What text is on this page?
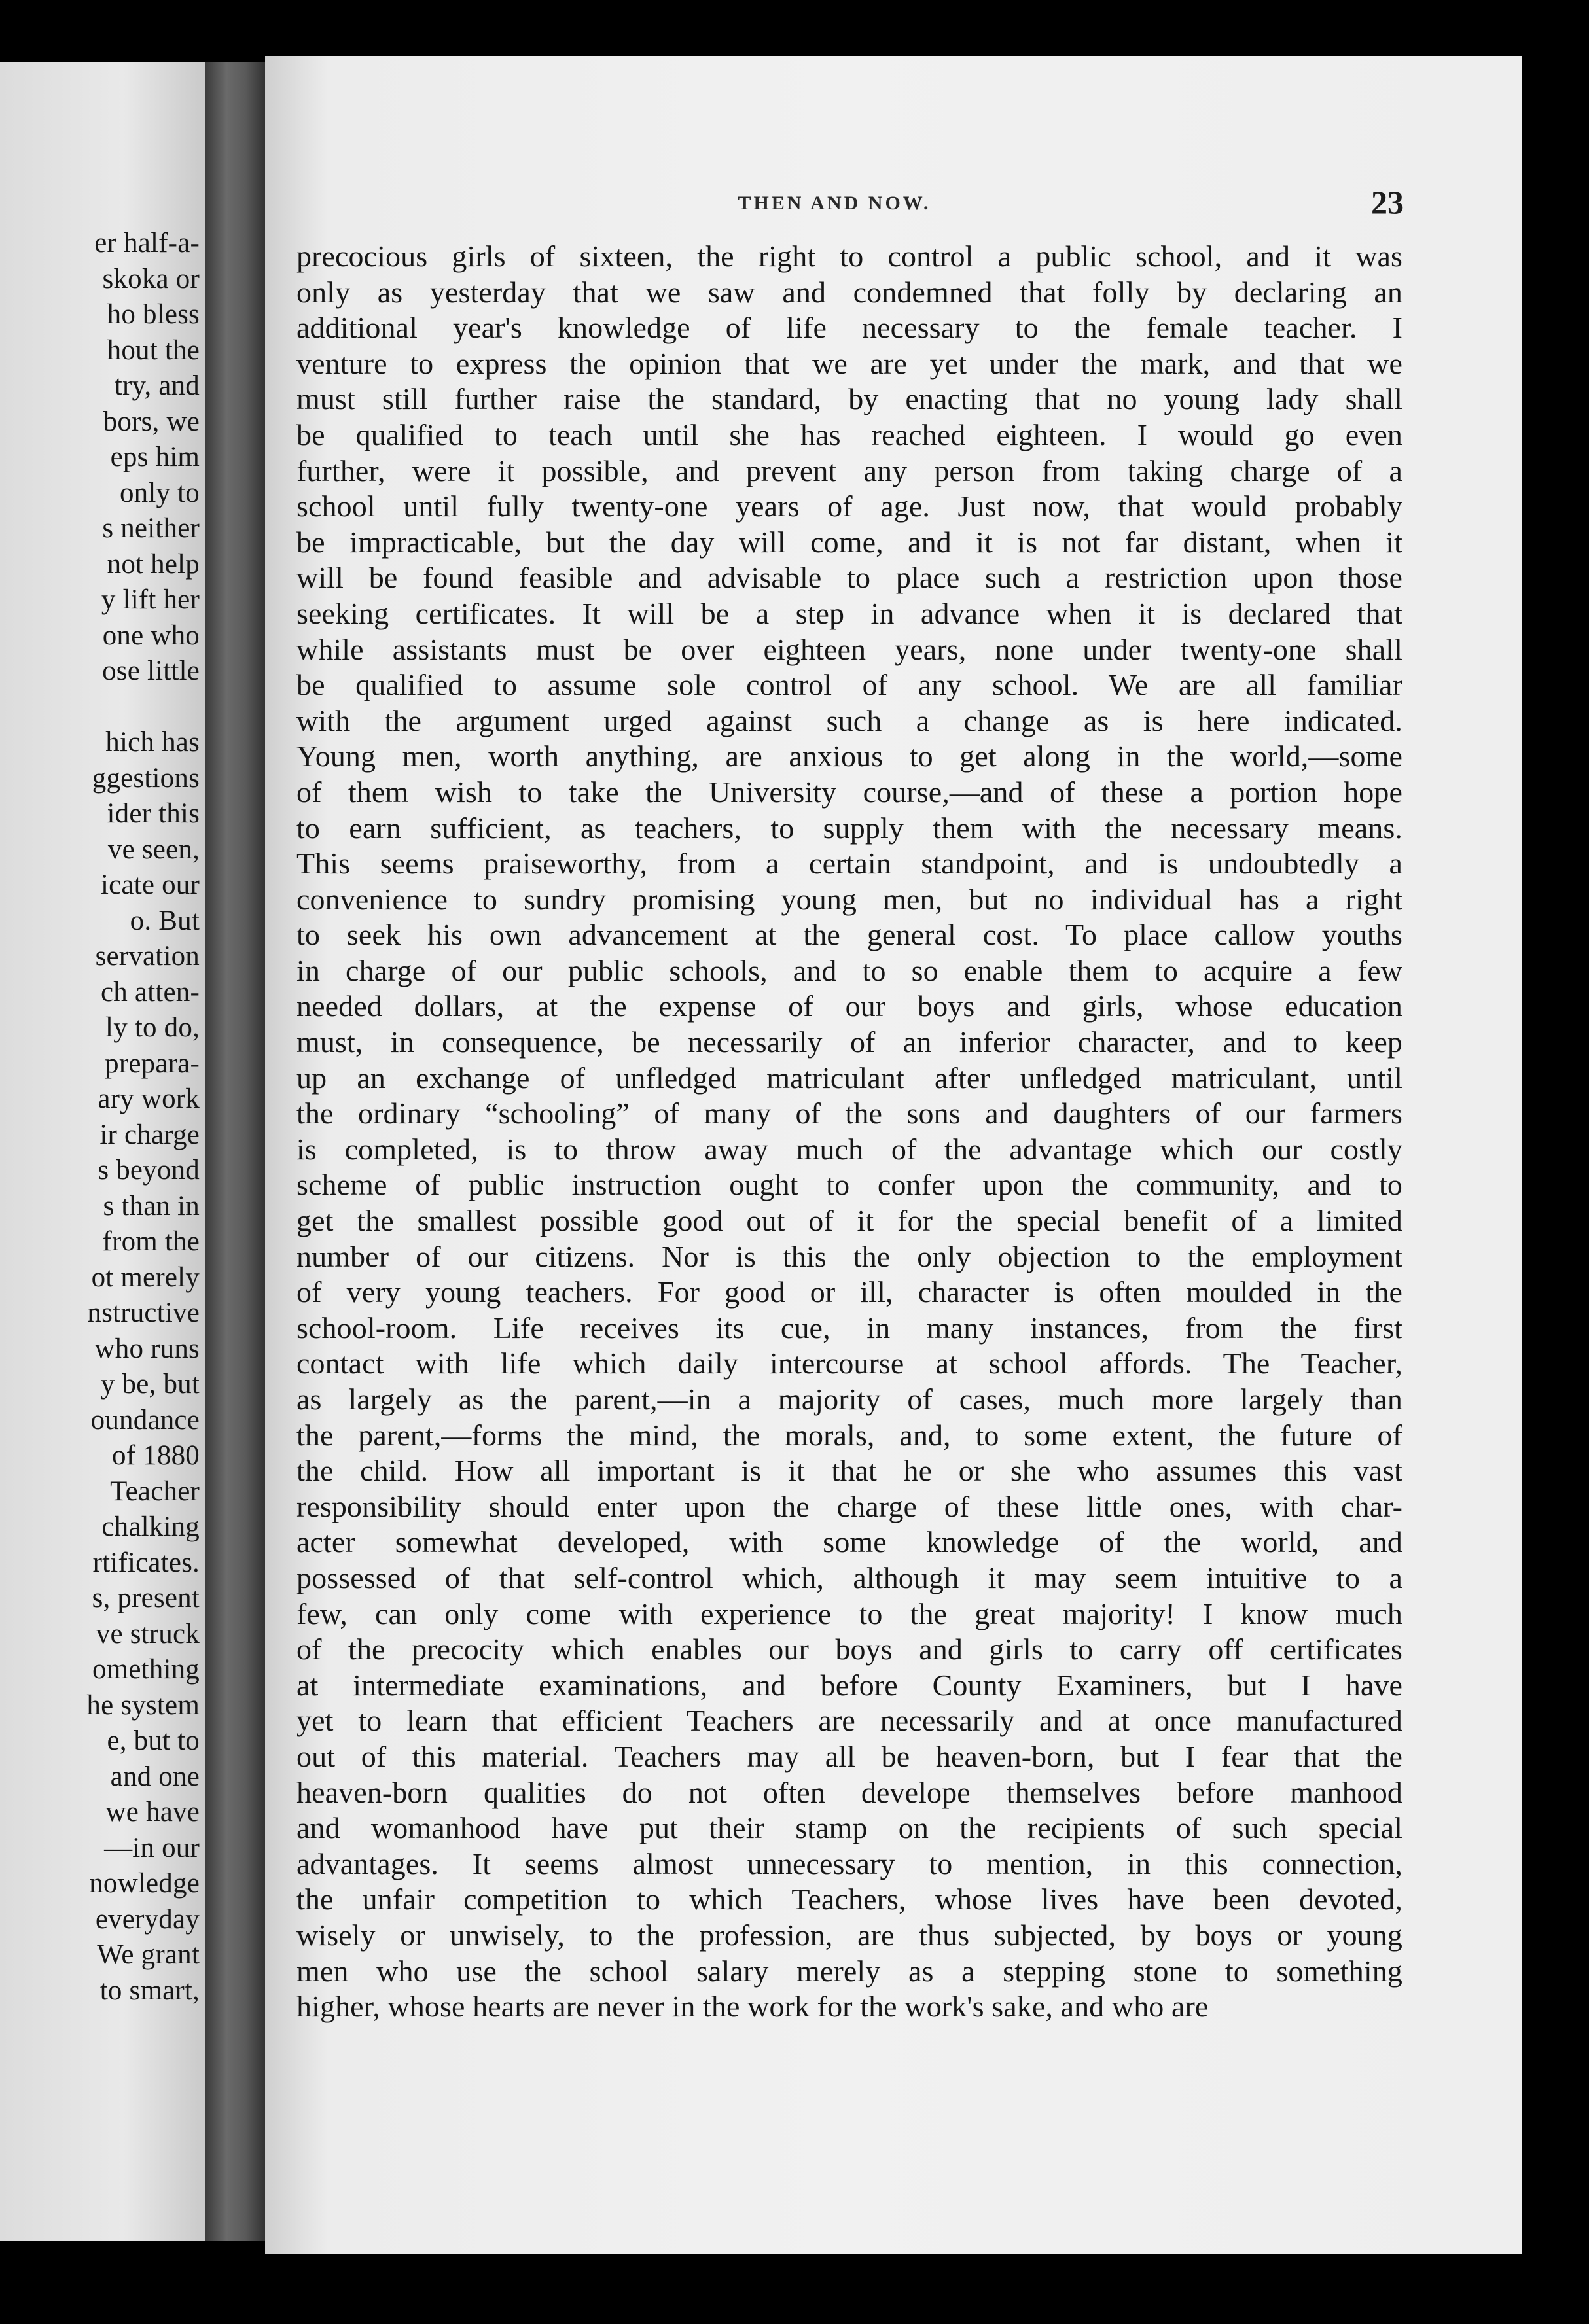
er half-a-
skoka or
ho bless
hout the
try, and
bors, we
eps him
only to
s neither
not help
y lift her
one who
ose little
hich has
ggestions
ider this
ve seen,
icate our
o. But
servation
ch atten-
ly to do,
prepara-
ary work
ir charge
s beyond
s than in
from the
ot merely
nstructive
who runs
y be, but
oundance
of 1880
Teacher
chalking
rtificates.
s, present
ve struck
omething
he system
e, but to
and one
we have
—in our
nowledge
everyday
We grant
to smart,
THEN AND NOW.	23
precocious girls of sixteen, the right to control a public school, and it was
only as yesterday that we saw and condemned that folly by declaring an
additional year's knowledge of life necessary to the female teacher. I
venture to express the opinion that we are yet under the mark, and that we
must still further raise the standard, by enacting that no young lady shall
be qualified to teach until she has reached eighteen. I would go even
further, were it possible, and prevent any person from taking charge of a
school until fully twenty-one years of age. Just now, that would probably
be impracticable, but the day will come, and it is not far distant, when it
will be found feasible and advisable to place such a restriction upon those
seeking certificates. It will be a step in advance when it is declared that
while assistants must be over eighteen years, none under twenty-one shall
be qualified to assume sole control of any school. We are all familiar
with the argument urged against such a change as is here indicated.
Young men, worth anything, are anxious to get along in the world,—some
of them wish to take the University course,—and of these a portion hope
to earn sufficient, as teachers, to supply them with the necessary means.
This seems praiseworthy, from a certain standpoint, and is undoubtedly a
convenience to sundry promising young men, but no individual has a right
to seek his own advancement at the general cost. To place callow youths
in charge of our public schools, and to so enable them to acquire a few
needed dollars, at the expense of our boys and girls, whose education
must, in consequence, be necessarily of an inferior character, and to keep
up an exchange of unfledged matriculant after unfledged matriculant, until
the ordinary “schooling” of many of the sons and daughters of our farmers
is completed, is to throw away much of the advantage which our costly
scheme of public instruction ought to confer upon the community, and to
get the smallest possible good out of it for the special benefit of a limited
number of our citizens. Nor is this the only objection to the employment
of very young teachers. For good or ill, character is often moulded in the
school-room. Life receives its cue, in many instances, from the first
contact with life which daily intercourse at school affords. The Teacher,
as largely as the parent,—in a majority of cases, much more largely than
the parent,—forms the mind, the morals, and, to some extent, the future of
the child. How all important is it that he or she who assumes this vast
responsibility should enter upon the charge of these little ones, with char-
acter somewhat developed, with some knowledge of the world, and
possessed of that self-control which, although it may seem intuitive to a
few, can only come with experience to the great majority! I know much
of the precocity which enables our boys and girls to carry off certificates
at intermediate examinations, and before County Examiners, but I have
yet to learn that efficient Teachers are necessarily and at once manufactured
out of this material. Teachers may all be heaven-born, but I fear that the
heaven-born qualities do not often develope themselves before manhood
and womanhood have put their stamp on the recipients of such special
advantages. It seems almost unnecessary to mention, in this connection,
the unfair competition to which Teachers, whose lives have been devoted,
wisely or unwisely, to the profession, are thus subjected, by boys or young
men who use the school salary merely as a stepping stone to something
higher, whose hearts are never in the work for the work's sake, and who are
